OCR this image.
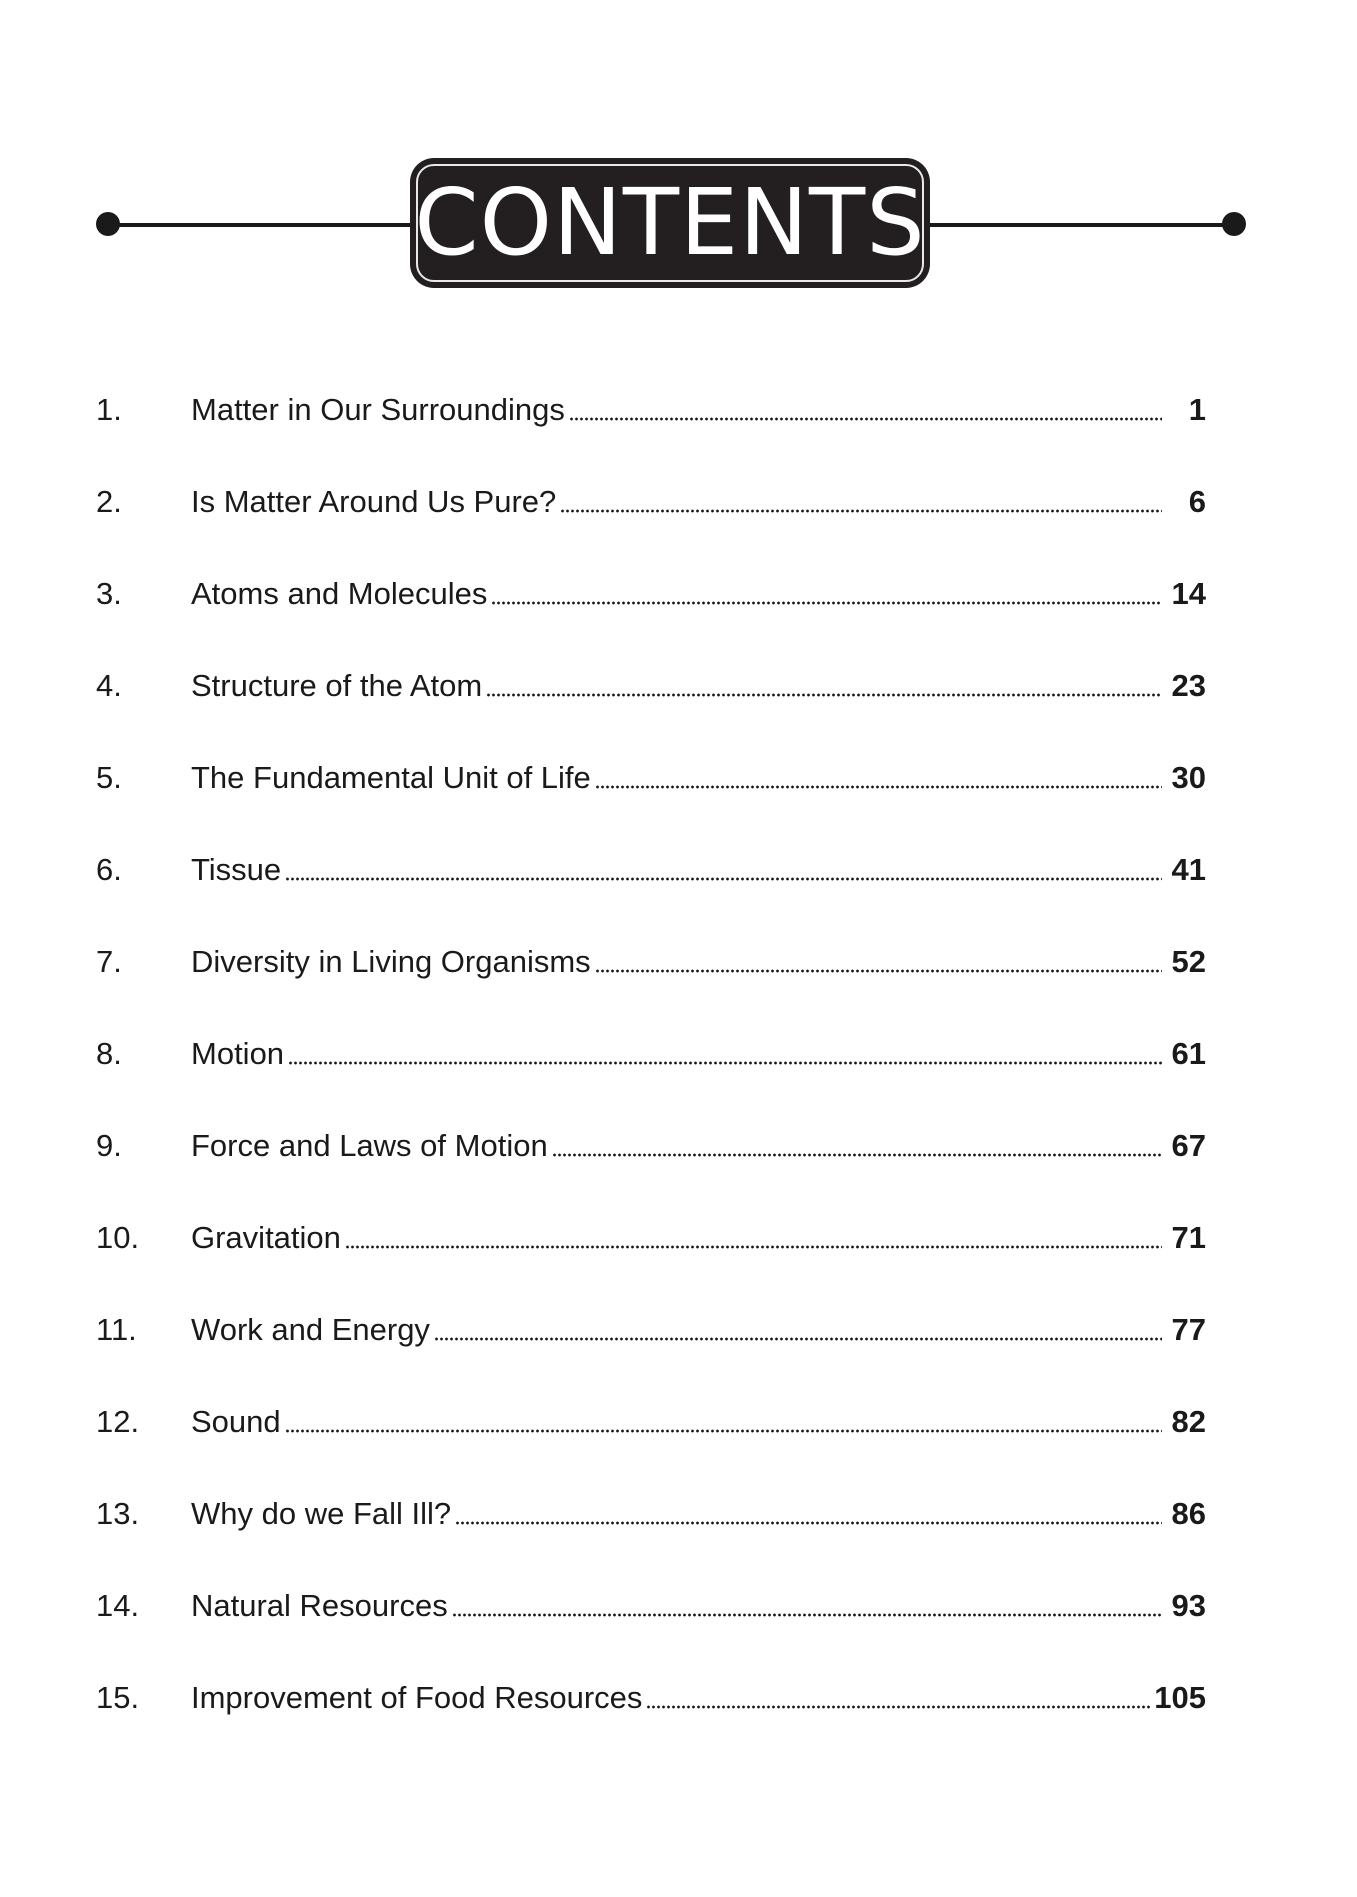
CONTENTS
1.	Matter in Our Surroundings	1
2.	Is Matter Around Us Pure?	6
3.	Atoms and Molecules	14
4.	Structure of the Atom	23
5.	The Fundamental Unit of Life	30
6.	Tissue	41
7.	Diversity in Living Organisms	52
8.	Motion	61
9.	Force and Laws of Motion	67
10.	Gravitation	71
11.	Work and Energy	77
12.	Sound	82
13.	Why do we Fall Ill?	86
14.	Natural Resources	93
15.	Improvement of Food Resources	105
